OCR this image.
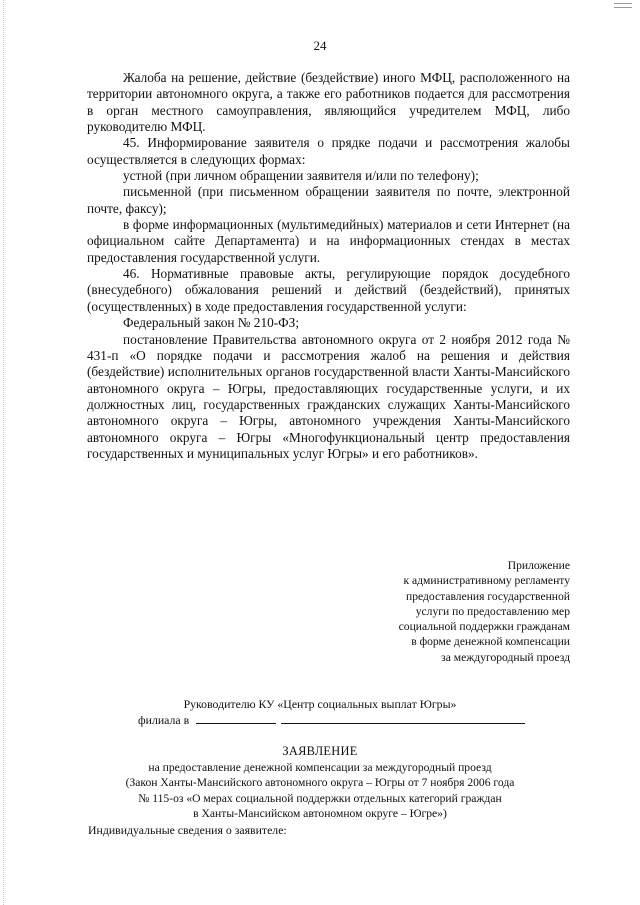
24

Жалоба на решение, действие (бездействие) иного МФЦ, расположенного на территории автономного округа, а также его работников подается для рассмотрения в орган местного самоуправления, являющийся учредителем МФЦ, либо руководителю МФЦ.

45. Информирование заявителя о прядке подачи и рассмотрения жалобы осуществляется в следующих формах:

устной (при личном обращении заявителя и/или по телефону);

письменной (при письменном обращении заявителя по почте, электронной почте, факсу);

в форме информационных (мультимедийных) материалов и сети Интернет (на официальном сайте Департамента) и на информационных стендах в местах предоставления государственной услуги.

46. Нормативные правовые акты, регулирующие порядок досудебного (внесудебного) обжалования решений и действий (бездействий), принятых (осуществленных) в ходе предоставления государственной услуги:

Федеральный закон № 210-ФЗ;

постановление Правительства автономного округа от 2 ноября 2012 года № 431-п «О порядке подачи и рассмотрения жалоб на решения и действия (бездействие) исполнительных органов государственной власти Ханты-Мансийского автономного округа – Югры, предоставляющих государственные услуги, и их должностных лиц, государственных гражданских служащих Ханты-Мансийского автономного округа – Югры, автономного учреждения Ханты-Мансийского автономного округа – Югры «Многофункциональный центр предоставления государственных и муниципальных услуг Югры» и его работников».

Приложение
к административному регламенту
предоставления государственной
услуги по предоставлению мер
социальной поддержки гражданам
в форме денежной компенсации
за междугородный проезд
Руководителю КУ «Центр социальных выплат Югры»
филиала в
ЗАЯВЛЕНИЕ
на предоставление денежной компенсации за междугородный проезд
(Закон Ханты-Мансийского автономного округа – Югры от 7 ноября 2006 года
№ 115-оз «О мерах социальной поддержки отдельных категорий граждан
в Ханты-Мансийском автономном округе – Югре»)
Индивидуальные сведения о заявителе:
